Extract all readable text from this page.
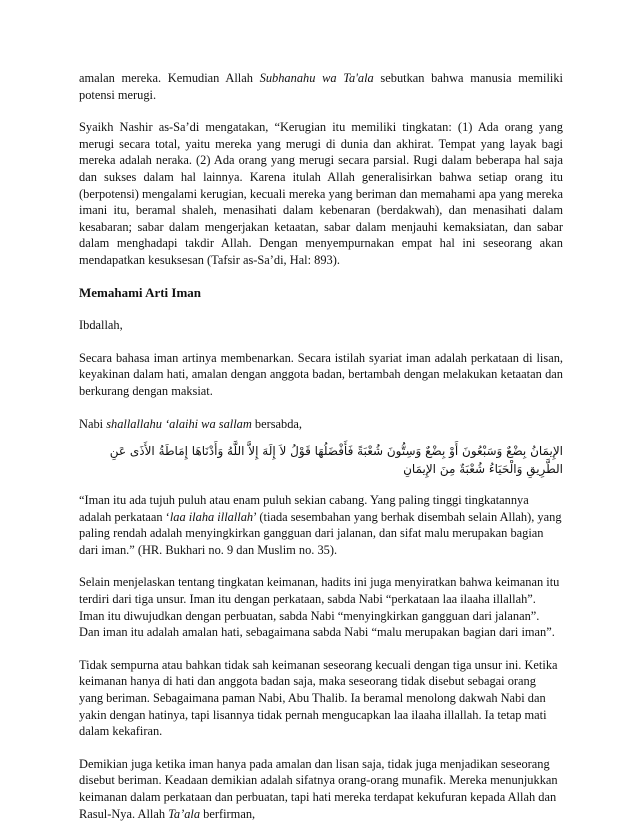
amalan mereka. Kemudian Allah Subhanahu wa Ta'ala sebutkan bahwa manusia memiliki potensi merugi.

Syaikh Nashir as-Sa’di mengatakan, “Kerugian itu memiliki tingkatan: (1) Ada orang yang merugi secara total, yaitu mereka yang merugi di dunia dan akhirat. Tempat yang layak bagi mereka adalah neraka. (2) Ada orang yang merugi secara parsial. Rugi dalam beberapa hal saja dan sukses dalam hal lainnya. Karena itulah Allah generalisirkan bahwa setiap orang itu (berpotensi) mengalami kerugian, kecuali mereka yang beriman dan memahami apa yang mereka imani itu, beramal shaleh, menasihati dalam kebenaran (berdakwah), dan menasihati dalam kesabaran; sabar dalam mengerjakan ketaatan, sabar dalam menjauhi kemaksiatan, dan sabar dalam menghadapi takdir Allah. Dengan menyempurnakan empat hal ini seseorang akan mendapatkan kesuksesan (Tafsir as-Sa’di, Hal: 893).

Memahami Arti Iman

Ibdallah,

Secara bahasa iman artinya membenarkan. Secara istilah syariat iman adalah perkataan di lisan, keyakinan dalam hati, amalan dengan anggota badan, bertambah dengan melakukan ketaatan dan berkurang dengan maksiat.

Nabi shallallahu ‘alaihi wa sallam bersabda,

الإِيمَانُ بِضْعٌ وَسَبْعُونَ أَوْ بِضْعٌ وَسِتُّونَ شُعْبَةً فَأَفْضَلُهَا قَوْلُ لاَ إِلَهَ إِلاَّ اللَّهُ وَأَدْنَاهَا إِمَاطَةُ الأَذَى عَنِ الطَّرِيقِ وَالْحَيَاءُ شُعْبَةٌ مِنَ الإِيمَانِ

“Iman itu ada tujuh puluh atau enam puluh sekian cabang. Yang paling tinggi tingkatannya adalah perkataan ‘laa ilaha illallah’ (tiada sesembahan yang berhak disembah selain Allah), yang paling rendah adalah menyingkirkan gangguan dari jalanan, dan sifat malu merupakan bagian dari iman.” (HR. Bukhari no. 9 dan Muslim no. 35).

Selain menjelaskan tentang tingkatan keimanan, hadits ini juga menyiratkan bahwa keimanan itu terdiri dari tiga unsur. Iman itu dengan perkataan, sabda Nabi “perkataan laa ilaaha illallah”.
Iman itu diwujudkan dengan perbuatan, sabda Nabi “menyingkirkan gangguan dari jalanan”.
Dan iman itu adalah amalan hati, sebagaimana sabda Nabi “malu merupakan bagian dari iman”.

Tidak sempurna atau bahkan tidak sah keimanan seseorang kecuali dengan tiga unsur ini. Ketika keimanan hanya di hati dan anggota badan saja, maka seseorang tidak disebut sebagai orang yang beriman. Sebagaimana paman Nabi, Abu Thalib. Ia beramal menolong dakwah Nabi dan yakin dengan hatinya, tapi lisannya tidak pernah mengucapkan laa ilaaha illallah. Ia tetap mati dalam kekafiran.

Demikian juga ketika iman hanya pada amalan dan lisan saja, tidak juga menjadikan seseorang disebut beriman. Keadaan demikian adalah sifatnya orang-orang munafik. Mereka menunjukkan keimanan dalam perkataan dan perbuatan, tapi hati mereka terdapat kekufuran kepada Allah dan Rasul-Nya. Allah Ta’ala berfirman,
